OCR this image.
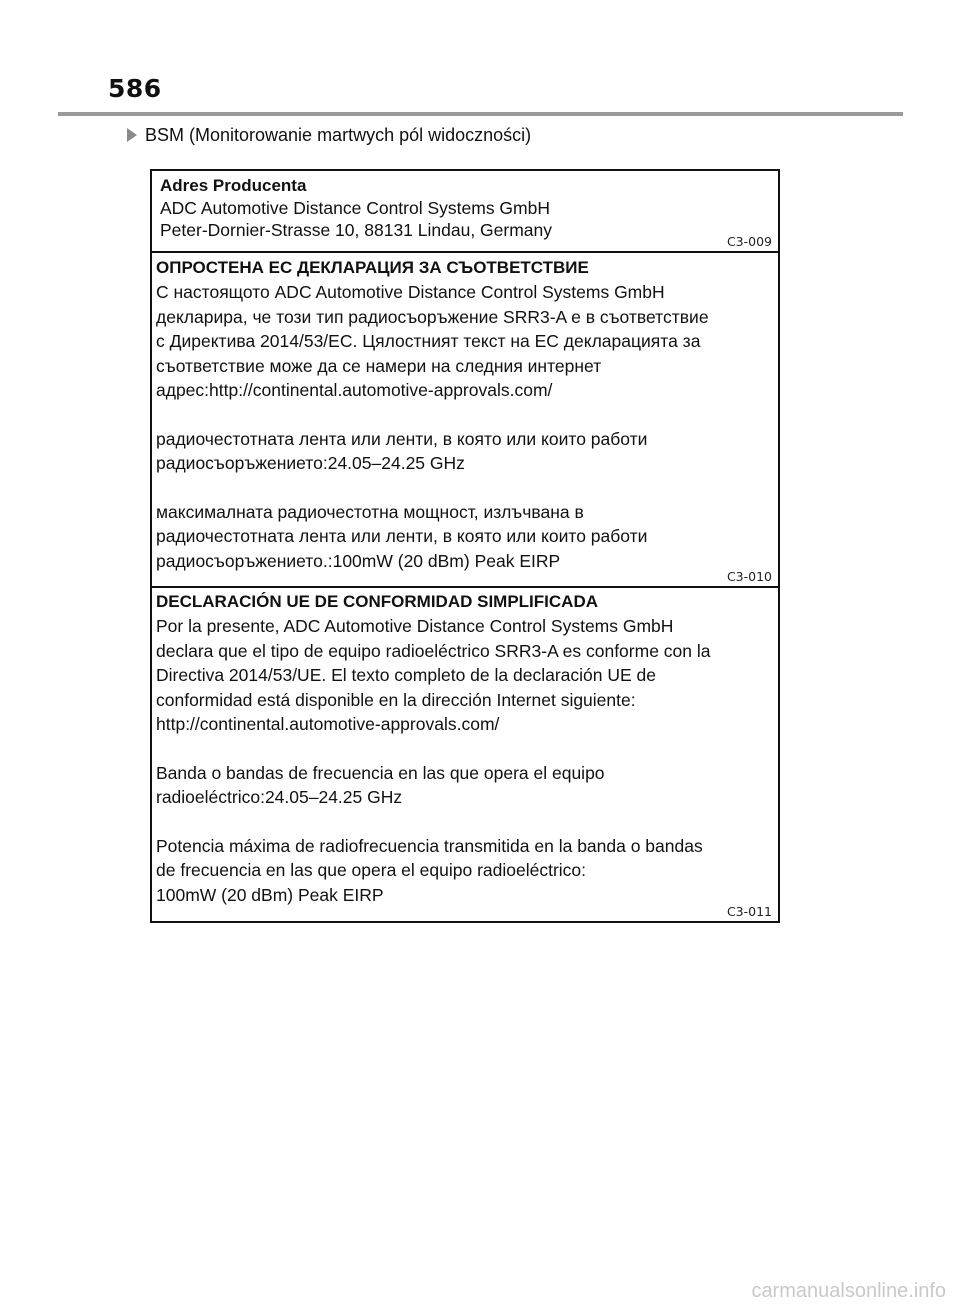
586
BSM (Monitorowanie martwych pól widoczności)

Adres Producenta

ADC Automotive Distance Control Systems GmbH

Peter-Dornier-Strasse 10, 88131 Lindau, Germany

C3-009

ОПРОСТЕНА ЕС ДЕКЛАРАЦИЯ ЗА СЪОТВЕТСТВИЕ

С настоящото ADC Automotive Distance Control Systems GmbH

декларира, че този тип радиосъоръжение SRR3-A е в съответствие

с Директива 2014/53/ЕС. Цялостният текст на ЕС декларацията за

съответствие може да се намери на следния интернет

адрес:http://continental.automotive-approvals.com/

радиочестотната лента или ленти, в която или които работи

радиосъоръжението:24.05–24.25 GHz

максималната радиочестотна мощност, излъчвана в

радиочестотната лента или ленти, в която или които работи

радиосъоръжението.:100mW (20 dBm) Peak EIRP

C3-010

DECLARACIÓN UE DE CONFORMIDAD SIMPLIFICADA

Por la presente, ADC Automotive Distance Control Systems GmbH

declara que el tipo de equipo radioeléctrico SRR3-A es conforme con la

Directiva 2014/53/UE. El texto completo de la declaración UE de

conformidad está disponible en la dirección Internet siguiente:

http://continental.automotive-approvals.com/

Banda o bandas de frecuencia en las que opera el equipo

radioeléctrico:24.05–24.25 GHz

Potencia máxima de radiofrecuencia transmitida en la banda o bandas

de frecuencia en las que opera el equipo radioeléctrico:

100mW (20 dBm) Peak EIRP

C3-011
carmanualsonline.info
